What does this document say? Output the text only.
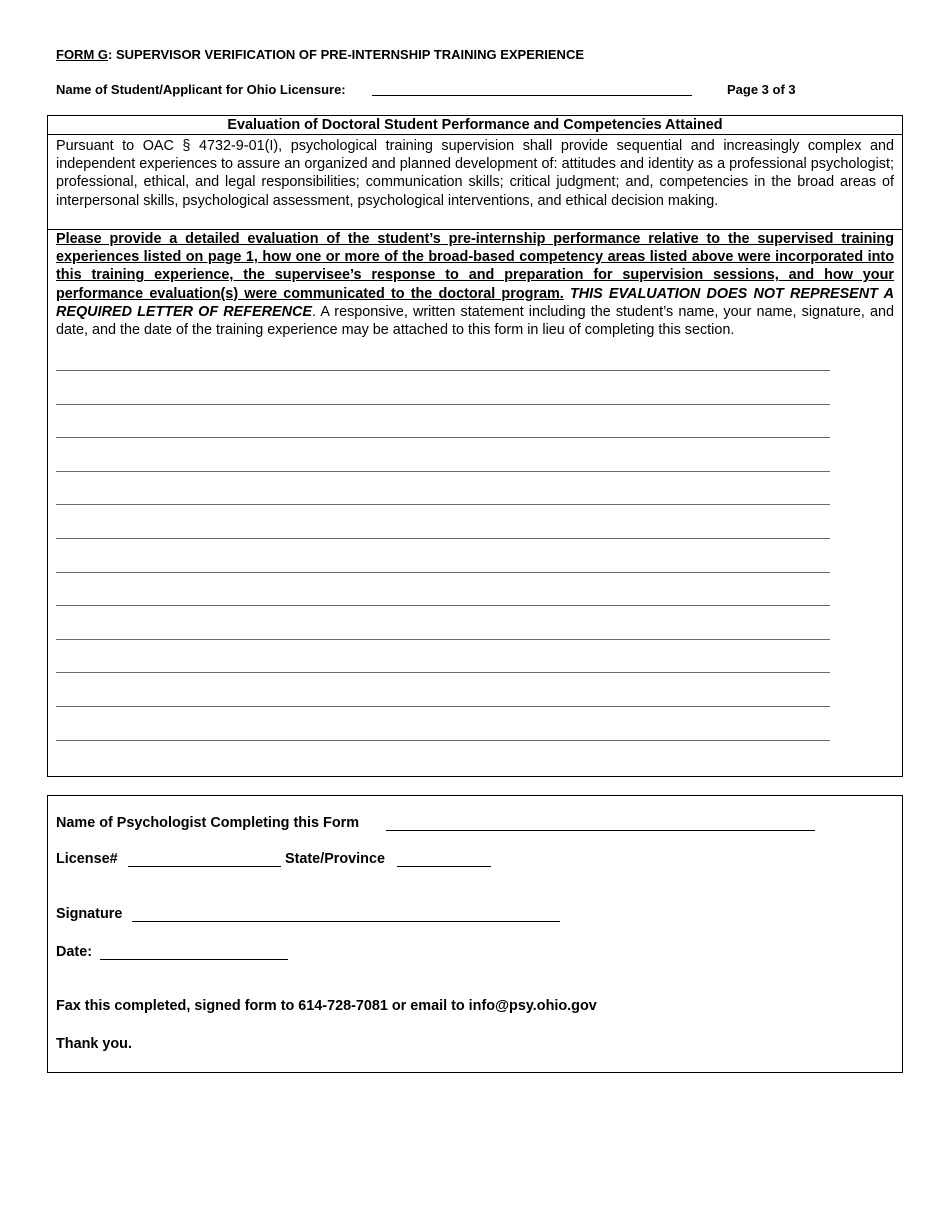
FORM G: SUPERVISOR VERIFICATION OF PRE-INTERNSHIP TRAINING EXPERIENCE
Name of Student/Applicant for Ohio Licensure:	Page 3 of 3
Evaluation of Doctoral Student Performance and Competencies Attained
Pursuant to OAC § 4732-9-01(I), psychological training supervision shall provide sequential and increasingly complex and independent experiences to assure an organized and planned development of: attitudes and identity as a professional psychologist; professional, ethical, and legal responsibilities; communication skills; critical judgment; and, competencies in the broad areas of interpersonal skills, psychological assessment, psychological interventions, and ethical decision making.
Please provide a detailed evaluation of the student’s pre-internship performance relative to the supervised training experiences listed on page 1, how one or more of the broad-based competency areas listed above were incorporated into this training experience, the supervisee’s response to and preparation for supervision sessions, and how your performance evaluation(s) were communicated to the doctoral program. THIS EVALUATION DOES NOT REPRESENT A REQUIRED LETTER OF REFERENCE. A responsive, written statement including the student’s name, your name, signature, and date, and the date of the training experience may be attached to this form in lieu of completing this section.
Name of Psychologist Completing this Form
License#	State/Province
Signature
Date:
Fax this completed, signed form to 614-728-7081 or email to info@psy.ohio.gov
Thank you.
